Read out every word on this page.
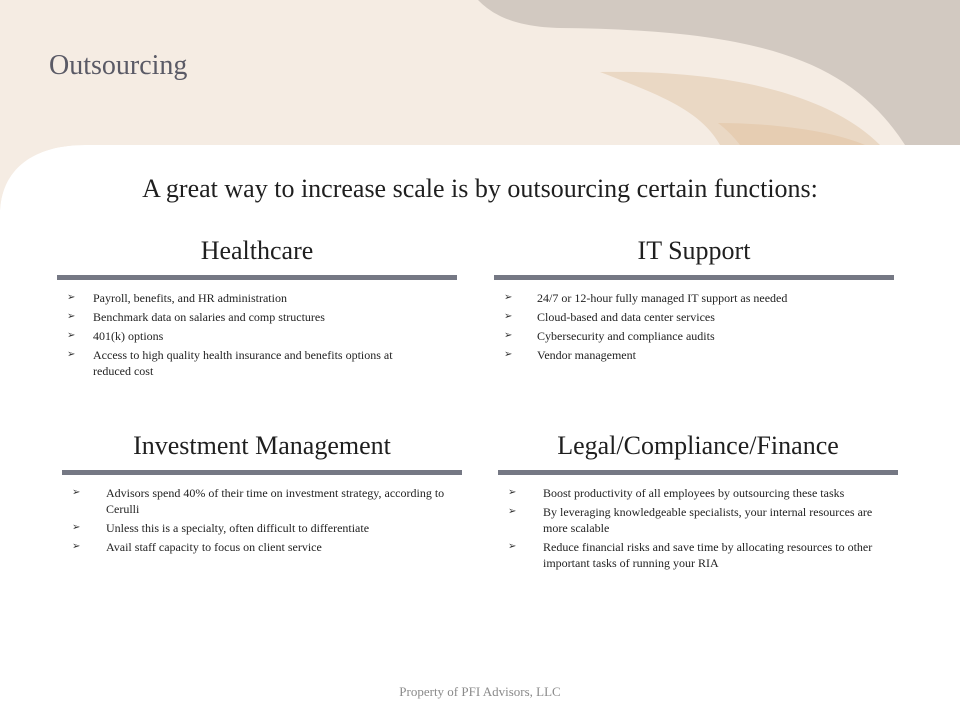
Outsourcing
A great way to increase scale is by outsourcing certain functions:
Healthcare
➢ Payroll, benefits, and HR administration
➢ Benchmark data on salaries and comp structures
➢ 401(k) options
➢ Access to high quality health insurance and benefits options at reduced cost
IT Support
➢ 24/7 or 12-hour fully managed IT support as needed
➢ Cloud-based and data center services
➢ Cybersecurity and compliance audits
➢ Vendor management
Investment Management
➢ Advisors spend 40% of their time on investment strategy, according to Cerulli
➢ Unless this is a specialty, often difficult to differentiate
➢ Avail staff capacity to focus on client service
Legal/Compliance/Finance
➢ Boost productivity of all employees by outsourcing these tasks
➢ By leveraging knowledgeable specialists, your internal resources are more scalable
➢ Reduce financial risks and save time by allocating resources to other important tasks of running your RIA
Property of PFI Advisors, LLC
